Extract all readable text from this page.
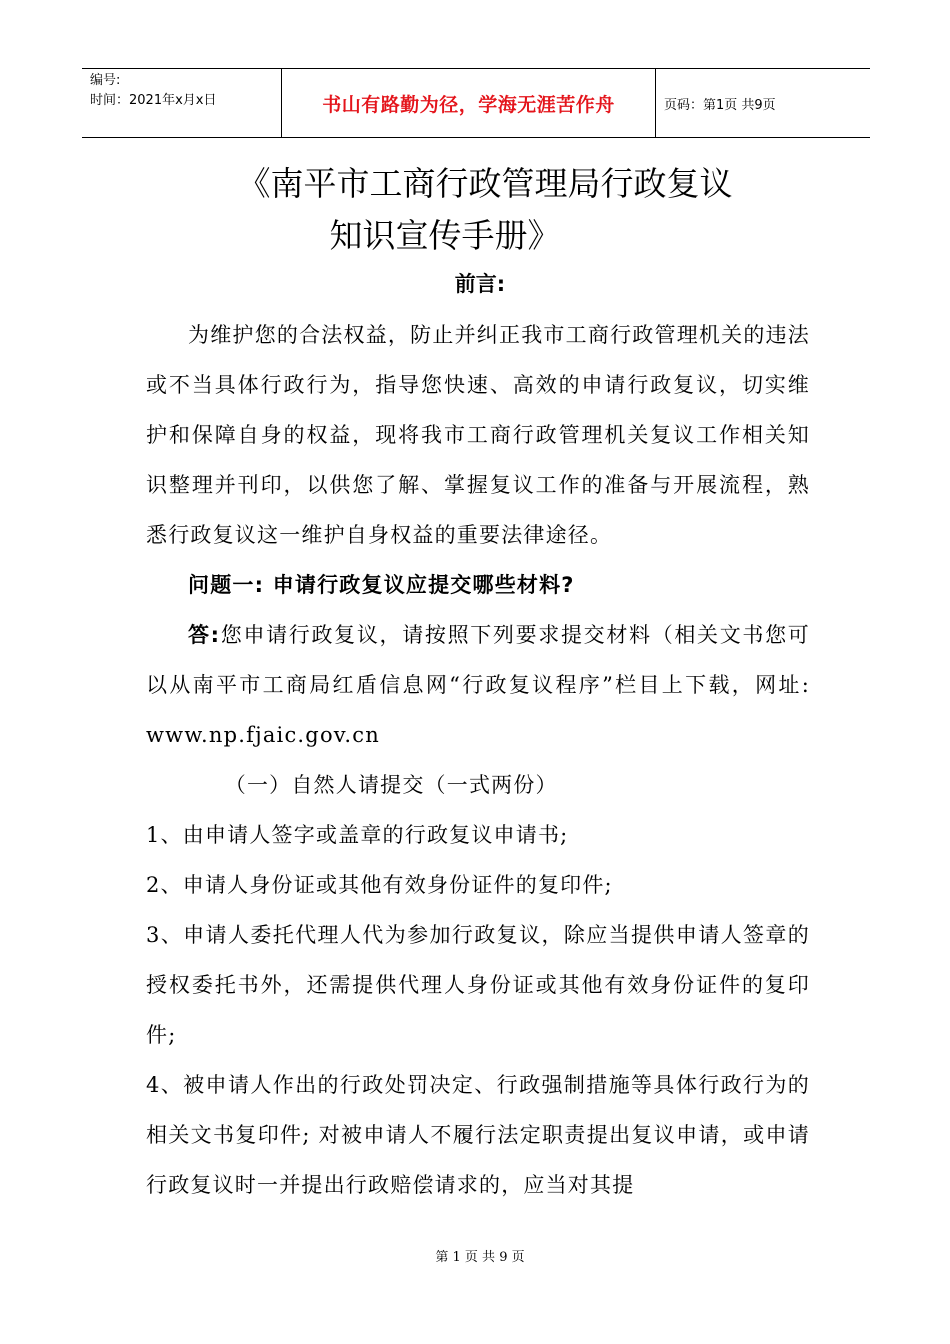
编号:
时间：2021年x月x日	书山有路勤为径，学海无涯苦作舟	页码：第1页 共9页
《南平市工商行政管理局行政复议
知识宣传手册》
前言:

为维护您的合法权益，防止并纠正我市工商行政管理机关的违法或不当具体行政行为，指导您快速、高效的申请行政复议，切实维护和保障自身的权益，现将我市工商行政管理机关复议工作相关知识整理并刊印，以供您了解、掌握复议工作的准备与开展流程，熟悉行政复议这一维护自身权益的重要法律途径。

问题一: 申请行政复议应提交哪些材料?

答:您申请行政复议，请按照下列要求提交材料（相关文书您可以从南平市工商局红盾信息网“行政复议程序”栏目上下载，网址: www.np.fjaic.gov.cn

（一）自然人请提交（一式两份）

1、由申请人签字或盖章的行政复议申请书;

2、申请人身份证或其他有效身份证件的复印件;

3、申请人委托代理人代为参加行政复议，除应当提供申请人签章的授权委托书外，还需提供代理人身份证或其他有效身份证件的复印件;

4、被申请人作出的行政处罚决定、行政强制措施等具体行政行为的相关文书复印件; 对被申请人不履行法定职责提出复议申请，或申请行政复议时一并提出行政赔偿请求的，应当对其提

第 1 页 共 9 页
